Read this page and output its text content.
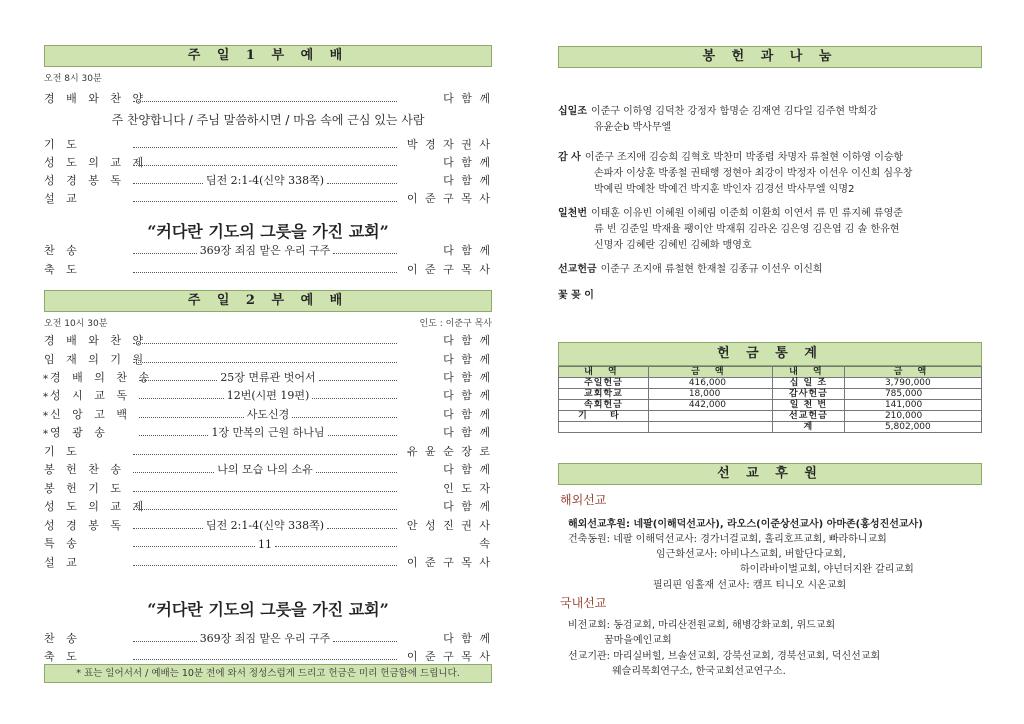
주 일 1 부 예 배
오전 8시 30분
경 배 와 찬 양	다 함 께
기 도	박 경 자 권 사
성 도 의 교 제	다 함 께
성 경 봉 독	딤전 2:1-4(신약 338쪽)	다 함 께
설 교	이 준 구 목 사
찬 송	369장 죄짐 맡은 우리 구주	다 함 께
축 도	이 준 구 목 사
주 찬양합니다 / 주님 말씀하시면 / 마음 속에 근심 있는 사람
“커다란 기도의 그릇을 가진 교회”
주 일 2 부 예 배
오전 10시 30분	인도 : 이준구 목사
경 배 와 찬 양	다 함 께
임 재 의 기 원	다 함 께
* 경 배 의 찬 송	25장 면류관 벗어서	다 함 께
* 성 시 교 독	12번(시편 19편)	다 함 께
* 신 앙 고 백	사도신경	다 함 께
* 영 광 송	1장 만복의 근원 하나님	다 함 께
기 도	유 윤 순 장 로
봉 헌 찬 송	나의 모습 나의 소유	다 함 께
봉 헌 기 도	인 도 자
성 도 의 교 제	다 함 께
성 경 봉 독	딤전 2:1-4(신약 338쪽)	안 성 진 권 사
특 송	11	속
설 교	이 준 구 목 사
찬 송	369장 죄짐 맡은 우리 구주	다 함 께
축 도	이 준 구 목 사
“커다란 기도의 그릇을 가진 교회”
* 표는 일어서서 / 예배는 10분 전에 와서 정성스럽게 드리고 헌금은 미리 헌금함에 드립니다.
봉 헌 과 나 눔
십일조 이준구 이하영 김덕찬 강정자 함명순 김재연 김다일 김주현 박희강
유윤순b 박사무엘
감 사 이준구 조지애 김승희 김혁호 박찬미 박종렵 차명자 류철현 이하영 이승항
손파자 이상훈 박종철 권태행 정현아 최강이 박정자 이선우 이신희 심우창
박예린 박예찬 박예건 박지훈 박인자 김경선 박사무엘 익명2
일천번 이태훈 이유빈 이혜원 이혜림 이준희 이환희 이연서 류 민 류지혜 류영준
류 빈 김준일 박재율 팽이안 박재휘 김라온 김은영 김은엽 김 솔 한유현
신명자 김혜란 김혜빈 김혜화 맹영호
선교헌금 이준구 조지애 류철현 한재철 김종규 이선우 이신희
꽃 꽂 이
헌 금 통 계
내 역	금 액	내 역	금 액
주일헌금	416,000	십 일 조	3,790,000
교회학교	18,000	감사헌금	785,000
속회헌금	442,000	일 천 번	141,000
기 타		선교헌금	210,000
		계	5,802,000
선 교 후 원
해외선교
해외선교후원: 네팔(이해덕선교사), 라오스(이준상선교사) 아마존(홍성진선교사)
건축동원: 네팔 이해덕선교사: 경가너걸교회, 홀리호프교회, 빠라하니교회
임근화선교사: 아비나스교회, 버할단다교회,
하이라바이벌교회, 야넌더지완 갈리교회
필리핀 임홀재 선교사: 캠프 티니오 시온교회
국내선교
비전교회: 동검교회, 마리산전원교회, 해병강화교회, 위드교회
꿈마을예인교회
선교기관: 마리실버힐, 브솔선교회, 강북선교회, 경북선교회, 덕신선교회
웨슬리목회연구소, 한국교회선교연구소.
